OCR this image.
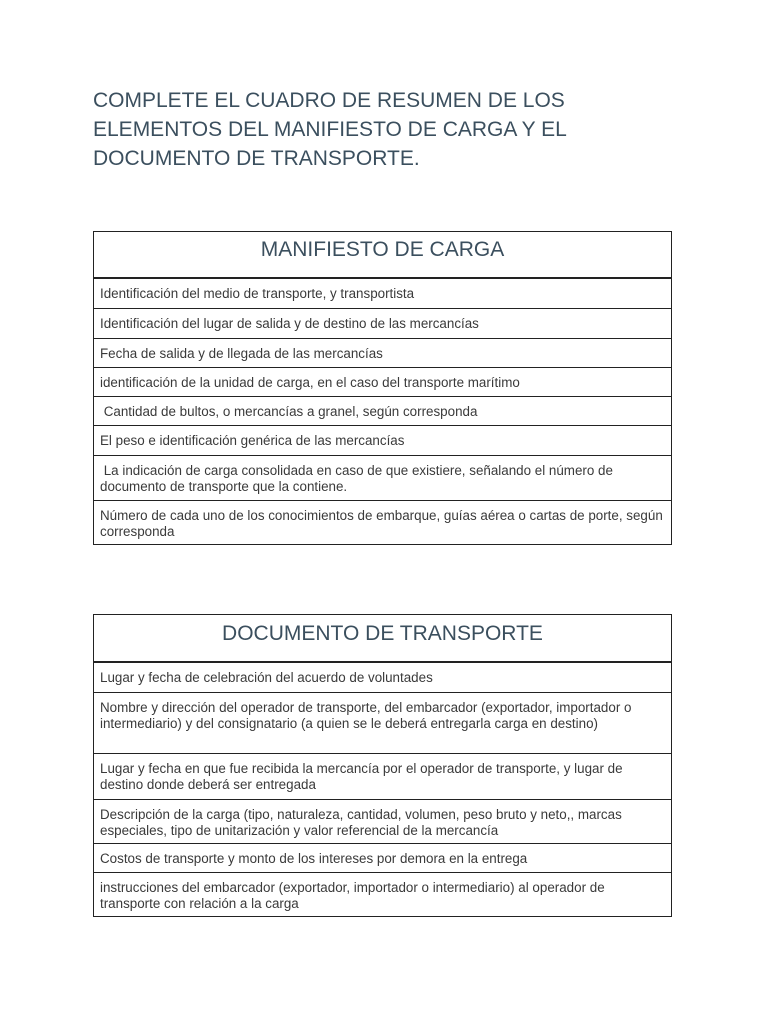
COMPLETE EL CUADRO DE RESUMEN DE LOS
ELEMENTOS DEL MANIFIESTO DE CARGA Y EL
DOCUMENTO DE TRANSPORTE.
MANIFIESTO DE CARGA
Identificación del medio de transporte, y transportista
Identificación del lugar de salida y de destino de las mercancías
Fecha de salida y de llegada de las mercancías
identificación de la unidad de carga, en el caso del transporte marítimo
Cantidad de bultos, o mercancías a granel, según corresponda
El peso e identificación genérica de las mercancías
La indicación de carga consolidada en caso de que existiere, señalando el número de documento de transporte que la contiene.
Número de cada uno de los conocimientos de embarque, guías aérea o cartas de porte, según corresponda
DOCUMENTO DE TRANSPORTE
Lugar y fecha de celebración del acuerdo de voluntades
Nombre y dirección del operador de transporte, del embarcador (exportador, importador o intermediario) y del consignatario (a quien se le deberá entregarla carga en destino)
Lugar y fecha en que fue recibida la mercancía por el operador de transporte, y lugar de destino donde deberá ser entregada
Descripción de la carga (tipo, naturaleza, cantidad, volumen, peso bruto y neto,, marcas especiales, tipo de unitarización y valor referencial de la mercancía
Costos de transporte y monto de los intereses por demora en la entrega
instrucciones del embarcador (exportador, importador o intermediario) al operador de transporte con relación a la carga
